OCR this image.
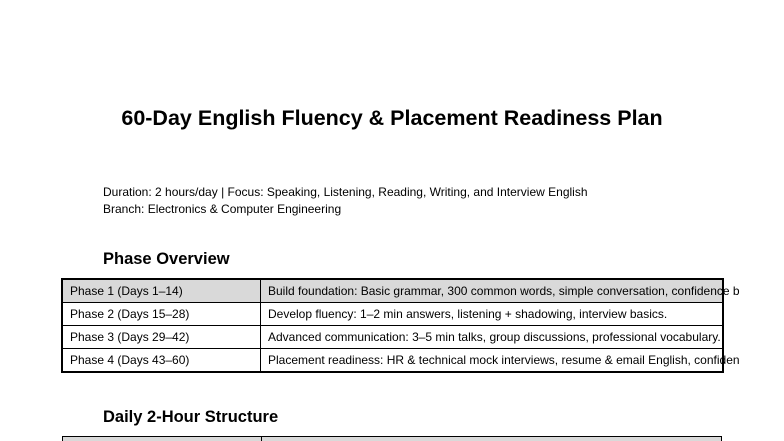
60-Day English Fluency & Placement Readiness Plan
Duration: 2 hours/day | Focus: Speaking, Listening, Reading, Writing, and Interview English
Branch: Electronics & Computer Engineering
Phase Overview
Phase 1 (Days 1–14)	Build foundation: Basic grammar, 300 common words, simple conversation, confidence b
Phase 2 (Days 15–28)	Develop fluency: 1–2 min answers, listening + shadowing, interview basics.
Phase 3 (Days 29–42)	Advanced communication: 3–5 min talks, group discussions, professional vocabulary.
Phase 4 (Days 43–60)	Placement readiness: HR & technical mock interviews, resume & email English, confiden
Daily 2-Hour Structure
